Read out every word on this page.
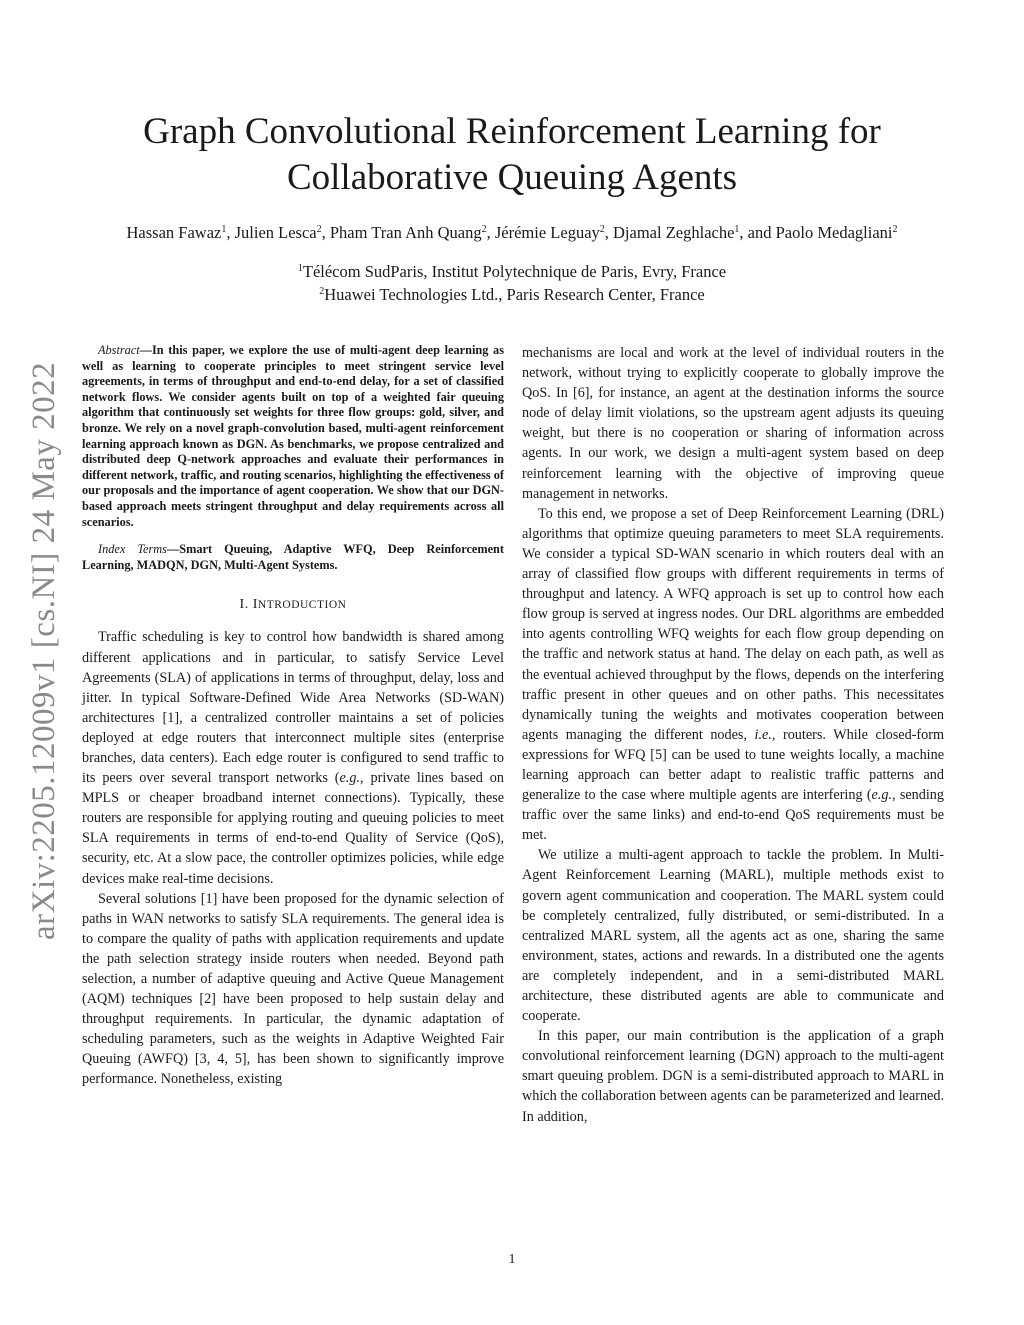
Graph Convolutional Reinforcement Learning for
Collaborative Queuing Agents
Hassan Fawaz$^1$, Julien Lesca$^2$, Pham Tran Anh Quang$^2$, Jérémie Leguay$^2$, Djamal Zeghlache$^1$, and Paolo Medagliani$^2$
$^1$Télécom SudParis, Institut Polytechnique de Paris, Evry, France
$^2$Huawei Technologies Ltd., Paris Research Center, France
arXiv:2205.12009v1 [cs.NI] 24 May 2022

Abstract—In this paper, we explore the use of multi-agent deep learning as well as learning to cooperate principles to meet stringent service level agreements, in terms of throughput and end-to-end delay, for a set of classified network flows. We consider agents built on top of a weighted fair queuing algorithm that continuously set weights for three flow groups: gold, silver, and bronze. We rely on a novel graph-convolution based, multi-agent reinforcement learning approach known as DGN. As benchmarks, we propose centralized and distributed deep Q-network approaches and evaluate their performances in different network, traffic, and routing scenarios, highlighting the effectiveness of our proposals and the importance of agent cooperation. We show that our DGN-based approach meets stringent throughput and delay requirements across all scenarios.

Index Terms—Smart Queuing, Adaptive WFQ, Deep Reinforcement Learning, MADQN, DGN, Multi-Agent Systems.

I. INTRODUCTION

Traffic scheduling is key to control how bandwidth is shared among different applications and in particular, to satisfy Service Level Agreements (SLA) of applications in terms of throughput, delay, loss and jitter. In typical Software-Defined Wide Area Networks (SD-WAN) architectures [1], a centralized controller maintains a set of policies deployed at edge routers that interconnect multiple sites (enterprise branches, data centers). Each edge router is configured to send traffic to its peers over several transport networks (e.g., private lines based on MPLS or cheaper broadband internet connections). Typically, these routers are responsible for applying routing and queuing policies to meet SLA requirements in terms of end-to-end Quality of Service (QoS), security, etc. At a slow pace, the controller optimizes policies, while edge devices make real-time decisions.

Several solutions [1] have been proposed for the dynamic selection of paths in WAN networks to satisfy SLA requirements. The general idea is to compare the quality of paths with application requirements and update the path selection strategy inside routers when needed. Beyond path selection, a number of adaptive queuing and Active Queue Management (AQM) techniques [2] have been proposed to help sustain delay and throughput requirements. In particular, the dynamic adaptation of scheduling parameters, such as the weights in Adaptive Weighted Fair Queuing (AWFQ) [3, 4, 5], has been shown to significantly improve performance. Nonetheless, existing

mechanisms are local and work at the level of individual routers in the network, without trying to explicitly cooperate to globally improve the QoS. In [6], for instance, an agent at the destination informs the source node of delay limit violations, so the upstream agent adjusts its queuing weight, but there is no cooperation or sharing of information across agents. In our work, we design a multi-agent system based on deep reinforcement learning with the objective of improving queue management in networks.

To this end, we propose a set of Deep Reinforcement Learning (DRL) algorithms that optimize queuing parameters to meet SLA requirements. We consider a typical SD-WAN scenario in which routers deal with an array of classified flow groups with different requirements in terms of throughput and latency. A WFQ approach is set up to control how each flow group is served at ingress nodes. Our DRL algorithms are embedded into agents controlling WFQ weights for each flow group depending on the traffic and network status at hand. The delay on each path, as well as the eventual achieved throughput by the flows, depends on the interfering traffic present in other queues and on other paths. This necessitates dynamically tuning the weights and motivates cooperation between agents managing the different nodes, i.e., routers. While closed-form expressions for WFQ [5] can be used to tune weights locally, a machine learning approach can better adapt to realistic traffic patterns and generalize to the case where multiple agents are interfering (e.g., sending traffic over the same links) and end-to-end QoS requirements must be met.

We utilize a multi-agent approach to tackle the problem. In Multi-Agent Reinforcement Learning (MARL), multiple methods exist to govern agent communication and cooperation. The MARL system could be completely centralized, fully distributed, or semi-distributed. In a centralized MARL system, all the agents act as one, sharing the same environment, states, actions and rewards. In a distributed one the agents are completely independent, and in a semi-distributed MARL architecture, these distributed agents are able to communicate and cooperate.

In this paper, our main contribution is the application of a graph convolutional reinforcement learning (DGN) approach to the multi-agent smart queuing problem. DGN is a semi-distributed approach to MARL in which the collaboration between agents can be parameterized and learned. In addition,

1
